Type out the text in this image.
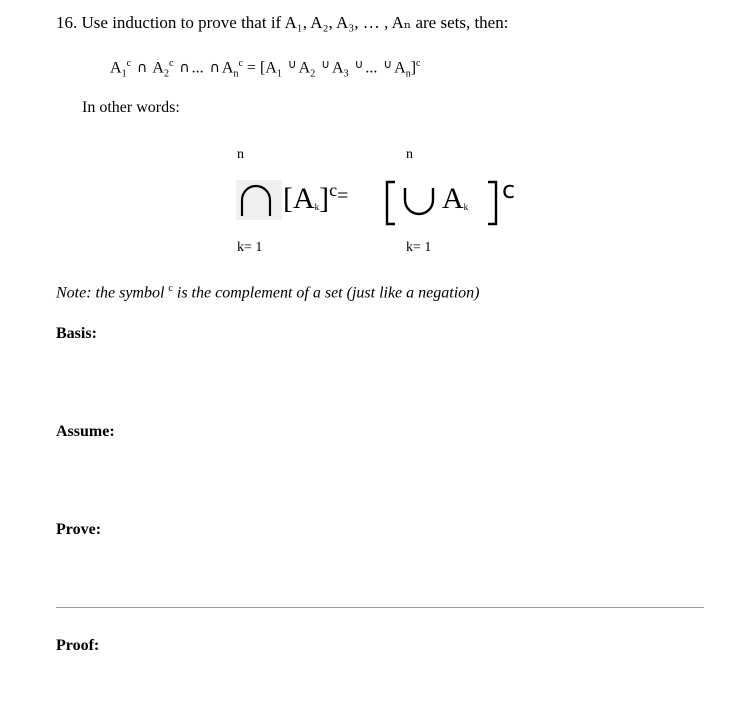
16. Use induction to prove that if A₁, A₂, A₃, … , Aₙ are sets, then:
$A_1^c$ ∩ $A_2^c$ ∩ ... ∩ $A_n^c = [A_1$ ∪ $A_2$ ∪ $A_3$ ∪ ... ∪ $A_n]^c$
In other words:
n	n
$[Ak]^{c=}$	Ak
c
k= 1	k= 1
Note: the symbol $^c$ is the complement of a set (just like a negation)
Basis:
Assume:
Prove:
Proof:
